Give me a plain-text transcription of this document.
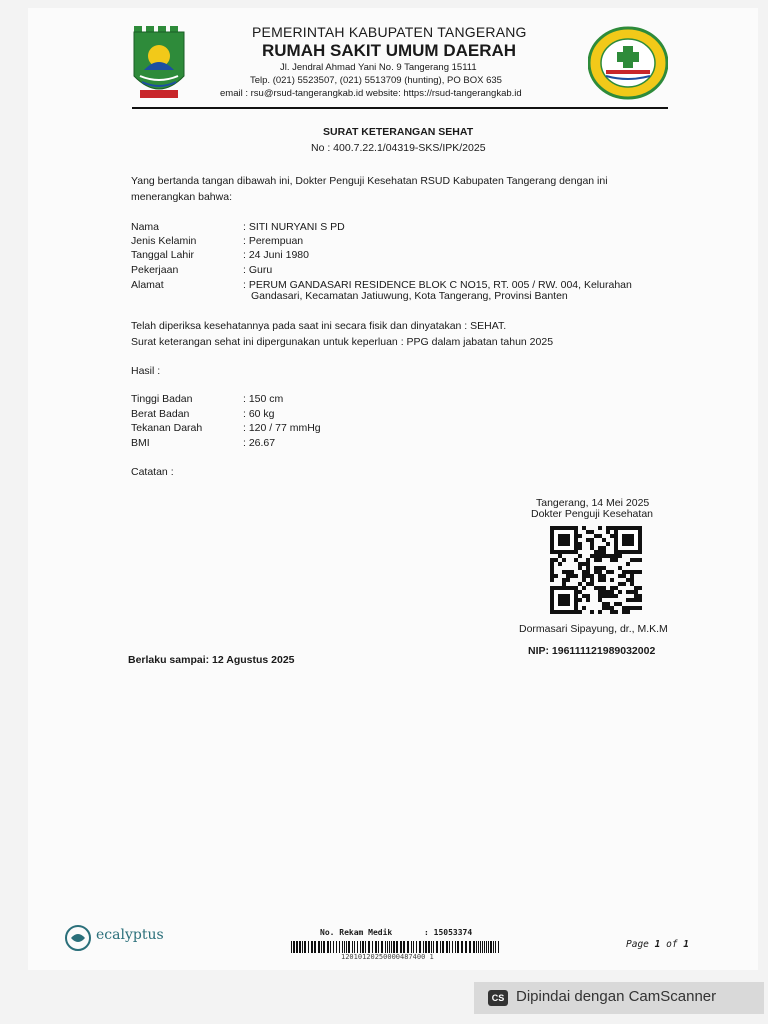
PEMERINTAH KABUPATEN TANGERANG
RUMAH SAKIT UMUM DAERAH
Jl. Jendral Ahmad Yani No. 9 Tangerang 15111
Telp. (021) 5523507, (021) 5513709 (hunting), PO BOX 635
email : rsu@rsud-tangerangkab.id website: https://rsud-tangerangkab.id
SURAT KETERANGAN SEHAT
No : 400.7.22.1/04319-SKS/IPK/2025
Yang bertanda tangan dibawah ini, Dokter Penguji Kesehatan RSUD Kabupaten Tangerang dengan ini
menerangkan bahwa:
Nama	: SITI NURYANI S PD
Jenis Kelamin	: Perempuan
Tanggal Lahir	: 24 Juni 1980
Pekerjaan	: Guru
Alamat	: PERUM GANDASARI RESIDENCE BLOK C NO15, RT. 005 / RW. 004, Kelurahan
Gandasari, Kecamatan Jatiuwung, Kota Tangerang, Provinsi Banten
Telah diperiksa kesehatannya pada saat ini secara fisik dan dinyatakan : SEHAT.
Surat keterangan sehat ini dipergunakan untuk keperluan : PPG dalam jabatan tahun 2025
Hasil :
Tinggi Badan	: 150 cm
Berat Badan	: 60 kg
Tekanan Darah	: 120 / 77 mmHg
BMI	: 26.67
Catatan :
Tangerang, 14 Mei 2025
Dokter Penguji Kesehatan
Dormasari Sipayung, dr., M.K.M
NIP: 196111121989032002
Berlaku sampai: 12 Agustus 2025
ecalyptus	No. Rekam Medik	: 15053374
12010120250000487400 1
Page 1 of 1
CS Dipindai dengan CamScanner
